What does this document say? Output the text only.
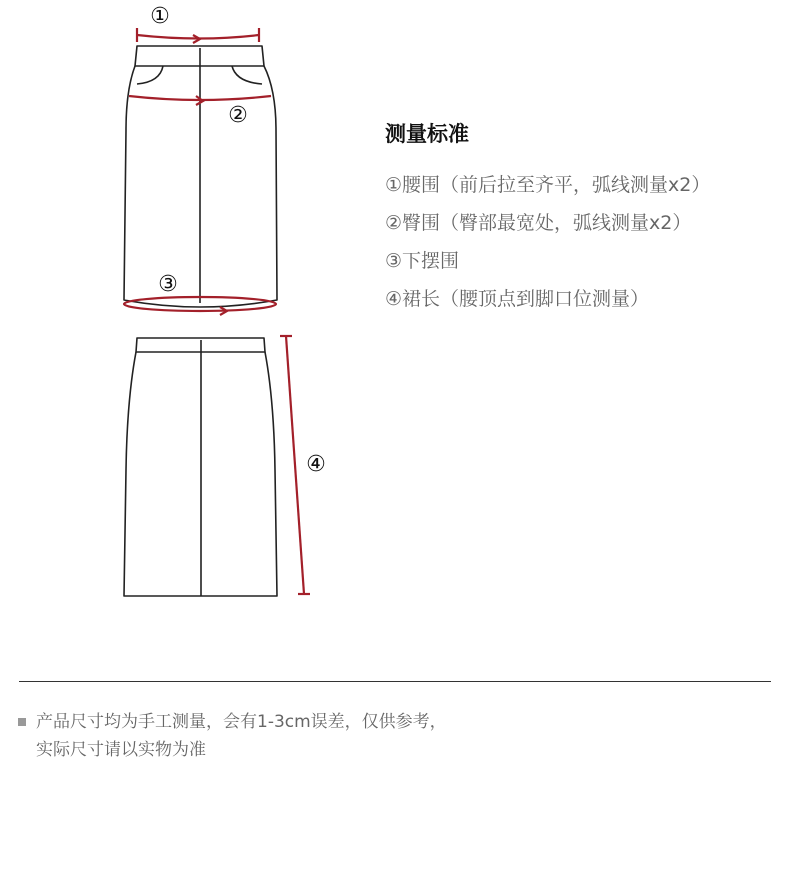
①
②
③
④
测量标准
①腰围（前后拉至齐平，弧线测量x2）
②臀围（臀部最宽处，弧线测量x2）
③下摆围
④裙长（腰顶点到脚口位测量）
产品尺寸均为手工测量，会有1-3cm误差，仅供参考，
实际尺寸请以实物为准
